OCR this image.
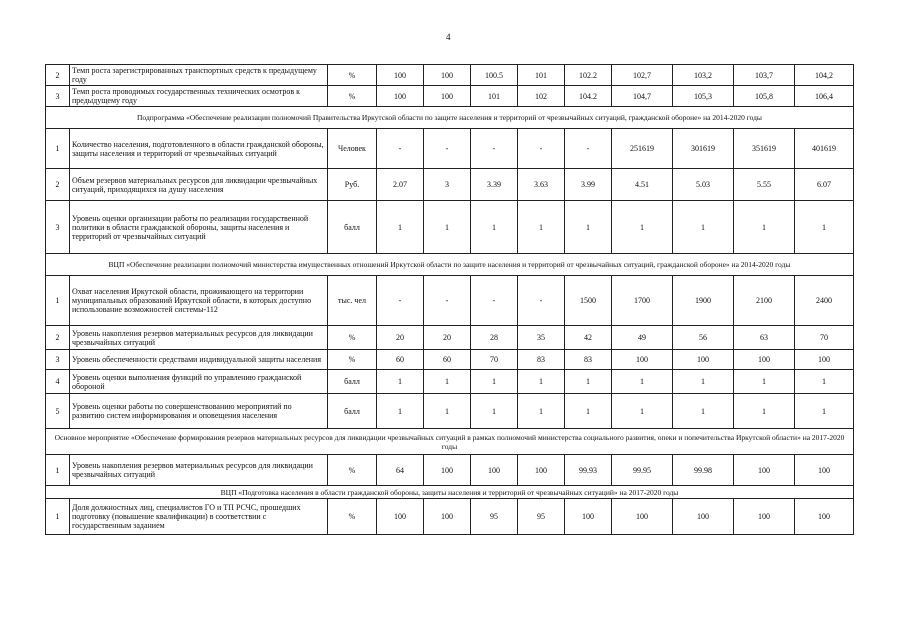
4
2	Темп роста зарегистрированных транспортных средств к предыдущему году	%	100	100	100.5	101	102.2	102,7	103,2	103,7	104,2
3	Темп роста проводимых государственных технических осмотров к предыдущему году	%	100	100	101	102	104.2	104,7	105,3	105,8	106,4
Подпрограмма «Обеспечение реализации полномочий Правительства Иркутской области по защите населения и территорий от чрезвычайных ситуаций, гражданской обороне» на 2014-2020 годы											
1	Количество населения, подготовленного в области гражданской обороны, защиты населения и территорий от чрезвычайных ситуаций	Человек	-	-	-	-	-	251619	301619	351619	401619
2	Объем резервов материальных ресурсов для ликвидации чрезвычайных ситуаций, приходящихся на душу населения	Руб.	2.07	3	3.39	3.63	3.99	4.51	5.03	5.55	6.07
3	Уровень оценки организации работы по реализации государственной политики в области гражданской обороны, защиты населения и территорий от чрезвычайных ситуаций	балл	1	1	1	1	1	1	1	1	1
ВЦП «Обеспечение реализации полномочий министерства имущественных отношений Иркутской области по защите населения и территорий от чрезвычайных ситуаций, гражданской обороне» на 2014-2020 годы											
1	Охват населения Иркутской области, проживающего на территории муниципальных образований Иркутской области, в которых доступно использование возможностей системы-112	тыс. чел	-	-	-	-	1500	1700	1900	2100	2400
2	Уровень накопления резервов материальных ресурсов для ликвидации чрезвычайных ситуаций	%	20	20	28	35	42	49	56	63	70
3	Уровень обеспеченности средствами индивидуальной защиты населения	%	60	60	70	83	83	100	100	100	100
4	Уровень оценки выполнения функций по управлению гражданской обороной	балл	1	1	1	1	1	1	1	1	1
5	Уровень оценки работы по совершенствованию мероприятий по развитию систем информирования и оповещения населения	балл	1	1	1	1	1	1	1	1	1
Основное мероприятие «Обеспечение формирования резервов материальных ресурсов для ликвидации чрезвычайных ситуаций в рамках полномочий министерства социального развития, опеки и попечительства Иркутской области» на 2017-2020 годы											
1	Уровень накопления резервов материальных ресурсов для ликвидации чрезвычайных ситуаций	%	64	100	100	100	99.93	99.95	99.98	100	100
ВЦП «Подготовка населения в области гражданской обороны, защиты населения и территорий от чрезвычайных ситуаций» на 2017-2020 годы											
1	Доля должностных лиц, специалистов ГО и ТП РСЧС, прошедших подготовку (повышение квалификации) в соответствии с государственным заданием	%	100	100	95	95	100	100	100	100	100
